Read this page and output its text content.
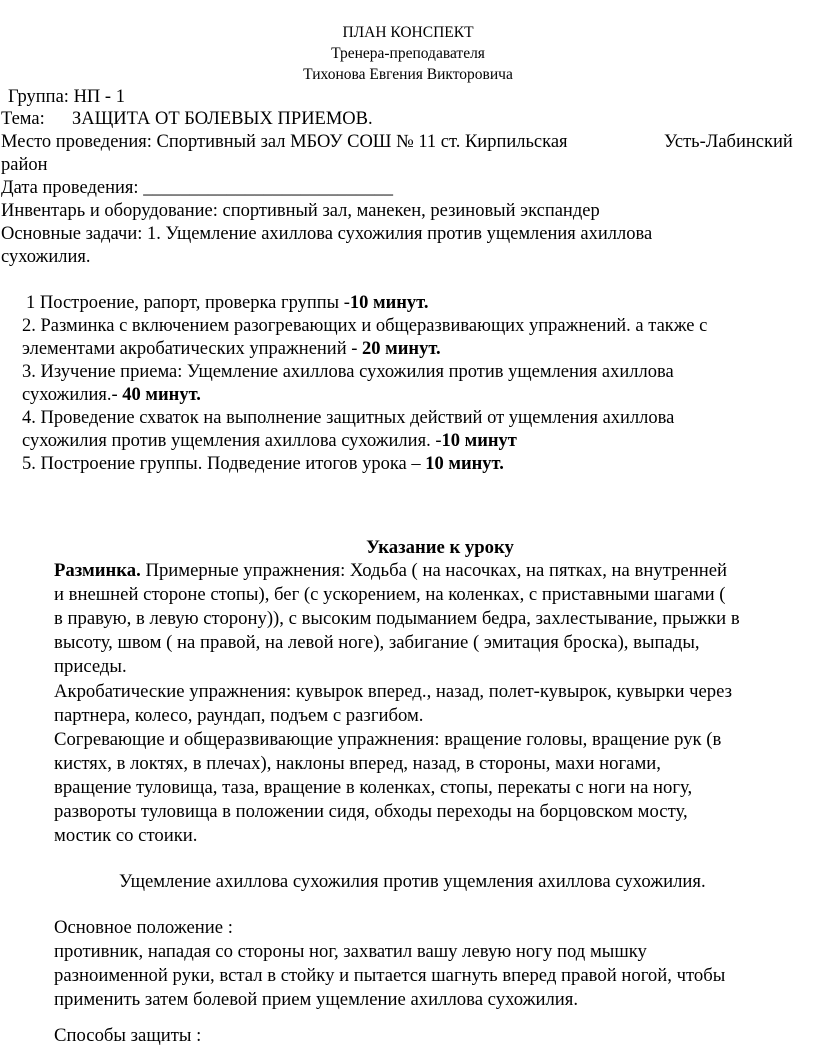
ПЛАН КОНСПЕКТ
Тренера-преподавателя
Тихонова Евгения Викторовича
Группа: НП - 1
Тема: ЗАЩИТА ОТ БОЛЕВЫХ ПРИЕМОВ.
Место проведения: Спортивный зал МБОУ СОШ № 11 ст. Кирпильская	Усть-Лабинский
район
Дата проведения: ___________________________
Инвентарь и оборудование: спортивный зал, манекен, резиновый экспандер
Основные задачи: 1. Ущемление ахиллова сухожилия против ущемления ахиллова
сухожилия.
1 Построение, рапорт, проверка группы -10 минут.
2. Разминка с включением разогревающих и общеразвивающих упражнений. а также с
элементами акробатических упражнений - 20 минут.
3. Изучение приема: Ущемление ахиллова сухожилия против ущемления ахиллова
сухожилия.- 40 минут.
4. Проведение схваток на выполнение защитных действий от ущемления ахиллова
сухожилия против ущемления ахиллова сухожилия. -10 минут
5. Построение группы. Подведение итогов урока – 10 минут.
Указание к уроку
Разминка. Примерные упражнения: Ходьба ( на насочках, на пятках, на внутренней
и внешней стороне стопы), бег (с ускорением, на коленках, с приставными шагами (
в правую, в левую сторону)), с высоким подыманием бедра, захлестывание, прыжки в
высоту, швом ( на правой, на левой ноге), забигание ( эмитация броска), выпады,
приседы.
Акробатические упражнения: кувырок вперед., назад, полет-кувырок, кувырки через
партнера, колесо, раундап, подъем с разгибом.
Согревающие и общеразвивающие упражнения: вращение головы, вращение рук (в
кистях, в локтях, в плечах), наклоны вперед, назад, в стороны, махи ногами,
вращение туловища, таза, вращение в коленках, стопы, перекаты с ноги на ногу,
развороты туловища в положении сидя, обходы переходы на борцовском мосту,
мостик со стоики.
Ущемление ахиллова сухожилия против ущемления ахиллова сухожилия.
Основное положение :
противник, нападая со стороны ног, захватил вашу левую ногу под мышку
разноименной руки, встал в стойку и пытается шагнуть вперед правой ногой, чтобы
применить затем болевой прием ущемление ахиллова сухожилия.
Способы защиты :
